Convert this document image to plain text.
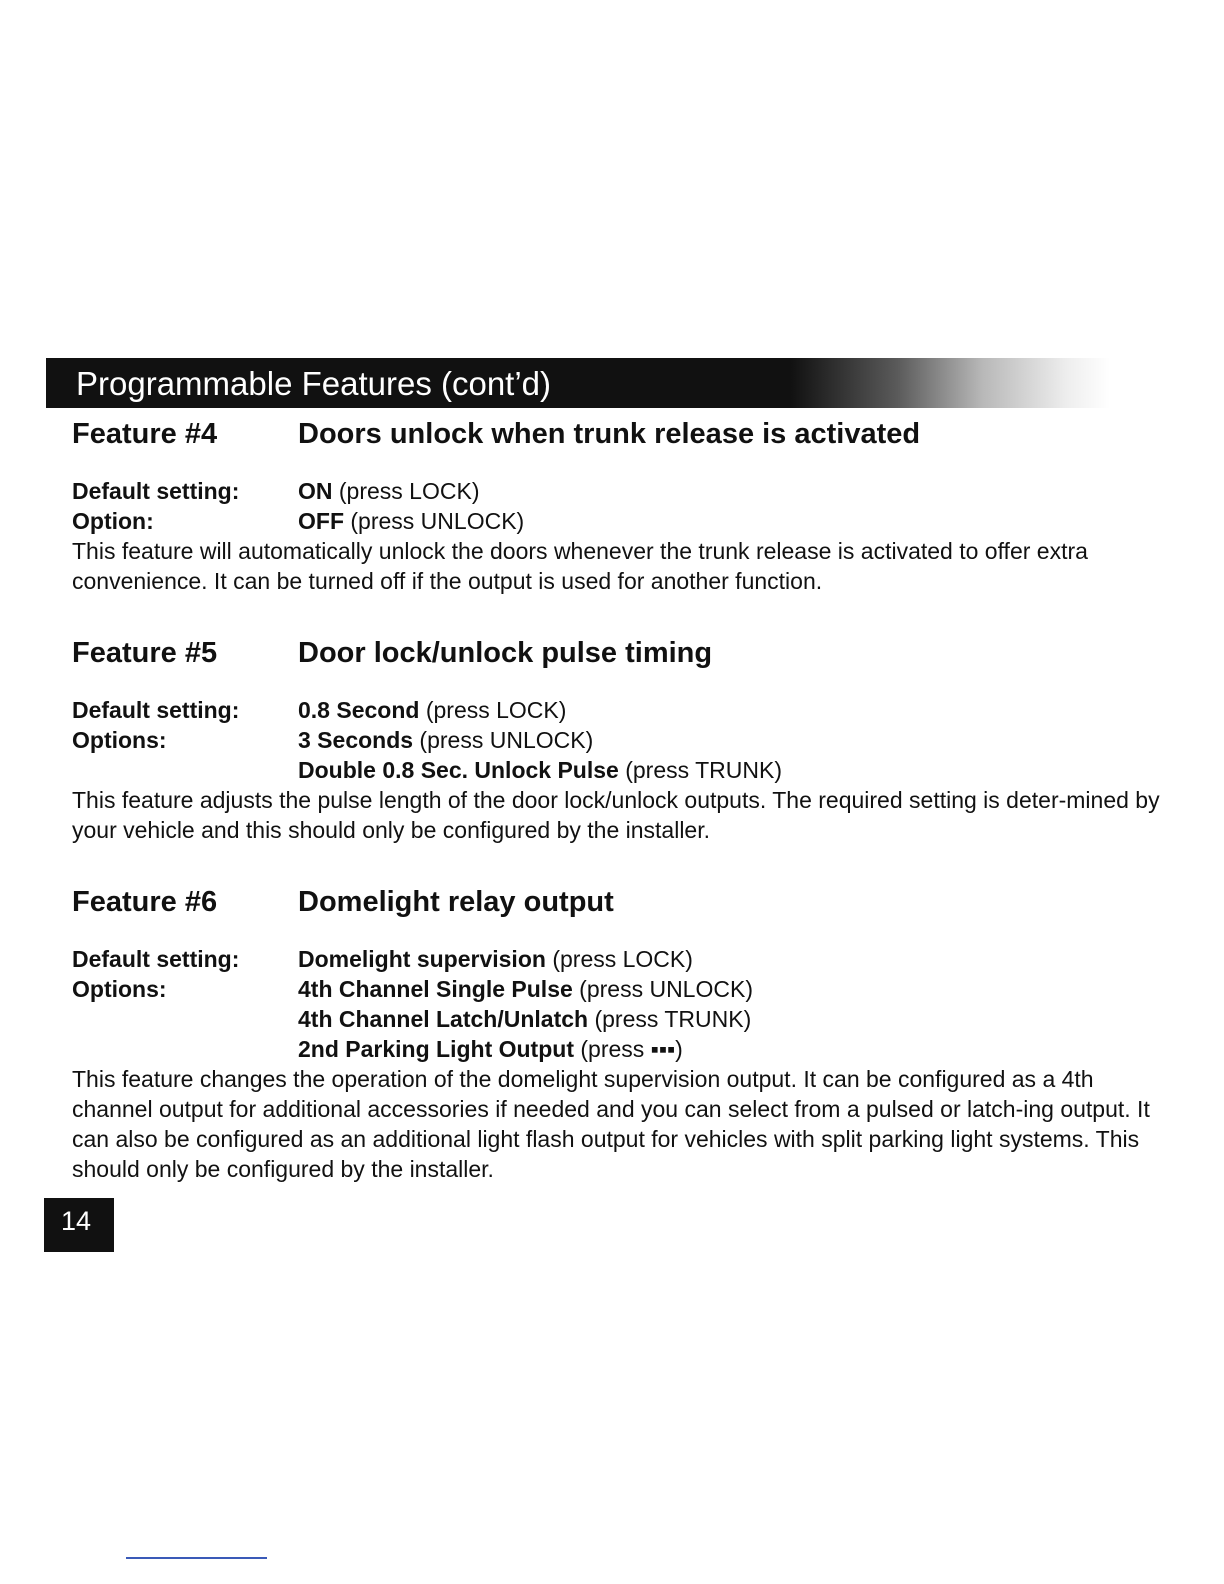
Programmable Features (cont’d)
Feature #4	Doors unlock when trunk release is activated
Default setting:	ON (press LOCK)
Option:	OFF (press UNLOCK)

This feature will automatically unlock the doors whenever the trunk release is activated to offer extra convenience. It can be turned off if the output is used for another function.

Feature #5	Door lock/unlock pulse timing
Default setting:	0.8 Second (press LOCK)
Options:	3 Seconds (press UNLOCK)
Double 0.8 Sec. Unlock Pulse (press TRUNK)

This feature adjusts the pulse length of the door lock/unlock outputs. The required setting is deter-mined by your vehicle and this should only be configured by the installer.

Feature #6	Domelight relay output
Default setting:	Domelight supervision (press LOCK)
Options:	4th Channel Single Pulse (press UNLOCK)
4th Channel Latch/Unlatch (press TRUNK)
2nd Parking Light Output (press ▪▪▪)

This feature changes the operation of the domelight supervision output. It can be configured as a 4th channel output for additional accessories if needed and you can select from a pulsed or latch-ing output. It can also be configured as an additional light flash output for vehicles with split parking light systems. This should only be configured by the installer.

14
